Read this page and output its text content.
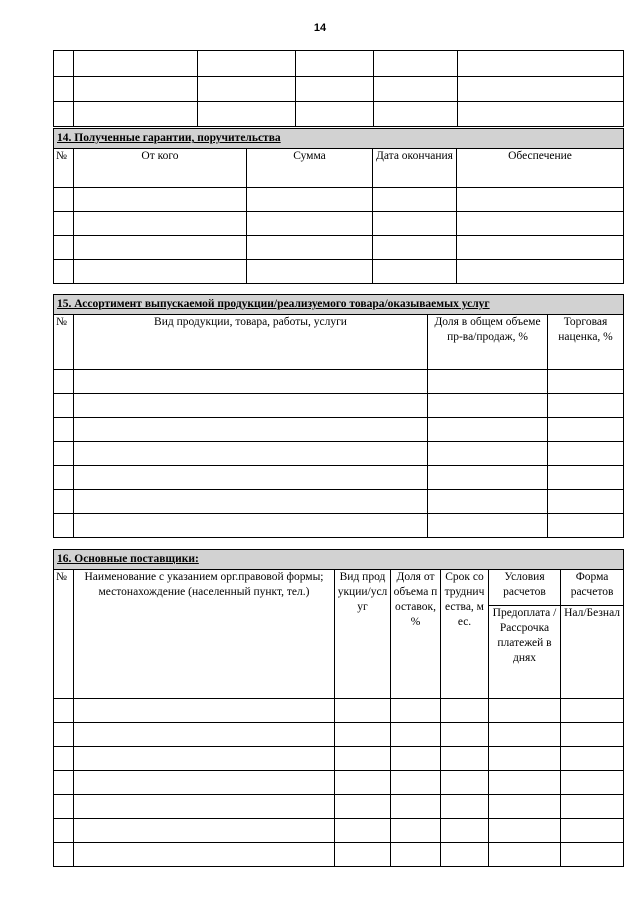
14

14. Полученные гарантии, поручительства				
№	От кого	Сумма	Дата окончания	Обеспечение

15. Ассортимент выпускаемой продукции/реализуемого товара/оказываемых услуг			
№	Вид продукции, товара, работы, услуги	Доля в общем объеме пр-ва/продаж, %	Торговая наценка, %

16. Основные поставщики:						
№	Наименование с указанием орг.правовой формы; местонахождение (населенный пункт, тел.)	Вид продукции/услуг	Доля от объема поставок, %	Срок сотрудничества, мес.	Условия расчетов	Форма расчетов
					Предоплата / Рассрочка платежей в днях	Нал/Безнал
